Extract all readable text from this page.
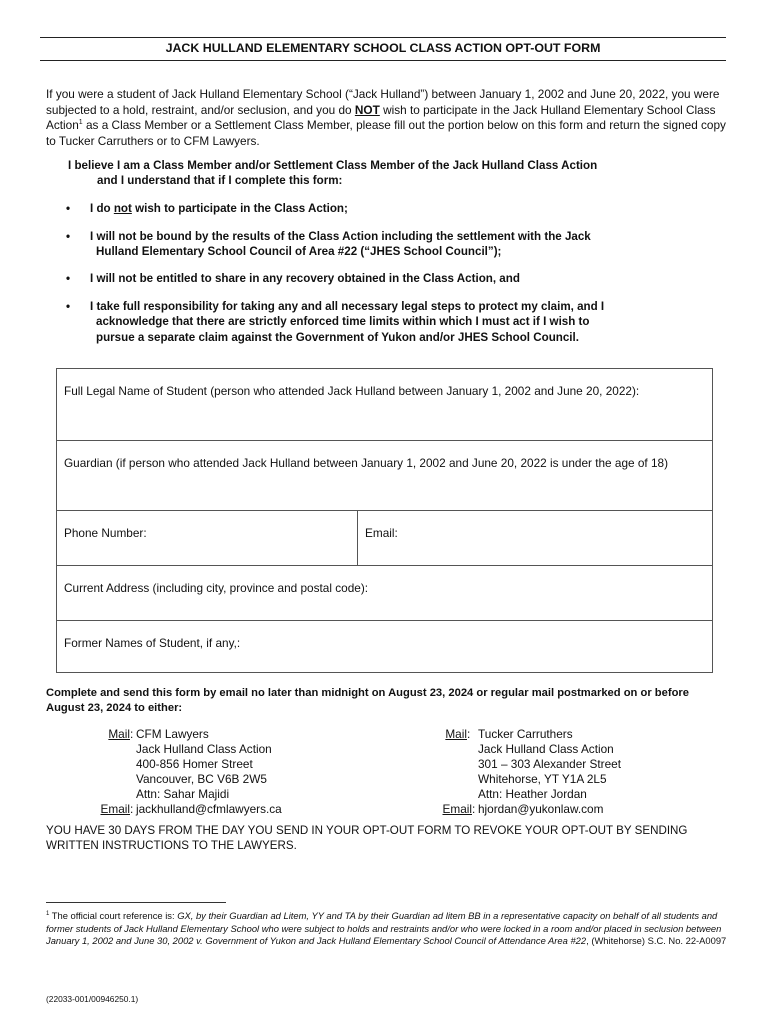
JACK HULLAND ELEMENTARY SCHOOL CLASS ACTION OPT-OUT FORM
If you were a student of Jack Hulland Elementary School (“Jack Hulland”) between January 1, 2002 and June 20, 2022, you were subjected to a hold, restraint, and/or seclusion, and you do NOT wish to participate in the Jack Hulland Elementary School Class Action$^1$ as a Class Member or a Settlement Class Member, please fill out the portion below on this form and return the signed copy to Tucker Carruthers or to CFM Lawyers.
I believe I am a Class Member and/or Settlement Class Member of the Jack Hulland Class Action
and I understand that if I complete this form:
•	I do not wish to participate in the Class Action;
•	I will not be bound by the results of the Class Action including the settlement with the Jack
Hulland Elementary School Council of Area #22 (“JHES School Council”);
•	I will not be entitled to share in any recovery obtained in the Class Action, and
•	I take full responsibility for taking any and all necessary legal steps to protect my claim, and I
acknowledge that there are strictly enforced time limits within which I must act if I wish to
pursue a separate claim against the Government of Yukon and/or JHES School Council.
Full Legal Name of Student (person who attended Jack Hulland between January 1, 2002 and June 20, 2022):
Guardian (if person who attended Jack Hulland between January 1, 2002 and June 20, 2022 is under the age of 18)
Phone Number:	Email:
Current Address (including city, province and postal code):
Former Names of Student, if any,:
Complete and send this form by email no later than midnight on August 23, 2024 or regular mail postmarked on or before August 23, 2024 to either:
Mail : CFM Lawyers
Jack Hulland Class Action
400-856 Homer Street
Vancouver, BC V6B 2W5
Attn: Sahar Majidi
Email : jackhulland@cfmlawyers.ca
Mail : Tucker Carruthers
Jack Hulland Class Action
301 – 303 Alexander Street
Whitehorse, YT Y1A 2L5
Attn: Heather Jordan
Email : hjordan@yukonlaw.com
YOU HAVE 30 DAYS FROM THE DAY YOU SEND IN YOUR OPT-OUT FORM TO REVOKE YOUR OPT-OUT BY SENDING WRITTEN INSTRUCTIONS TO THE LAWYERS.
$^1$ The official court reference is: GX, by their Guardian ad Litem, YY and TA by their Guardian ad litem BB in a representative capacity on behalf of all students and former students of Jack Hulland Elementary School who were subject to holds and restraints and/or who were locked in a room and/or placed in seclusion between January 1, 2002 and June 30, 2002 v. Government of Yukon and Jack Hulland Elementary School Council of Attendance Area #22, (Whitehorse) S.C. No. 22-A0097
(22033-001/00946250.1)
